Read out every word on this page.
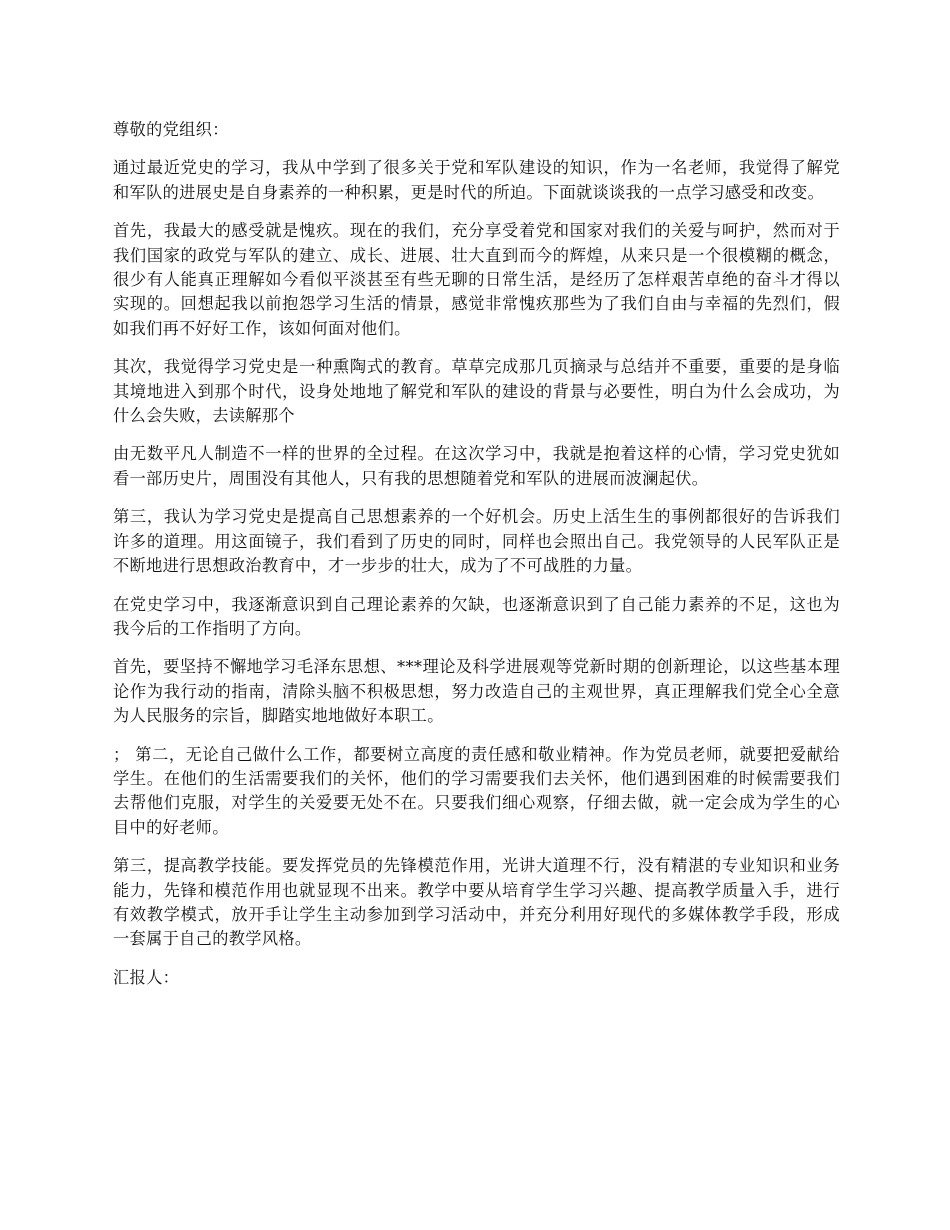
尊敬的党组织：

通过最近党史的学习，我从中学到了很多关于党和军队建设的知识，作为一名老师，我觉得了解党和军队的进展史是自身素养的一种积累，更是时代的所迫。下面就谈谈我的一点学习感受和改变。

首先，我最大的感受就是愧疚。现在的我们，充分享受着党和国家对我们的关爱与呵护，然而对于我们国家的政党与军队的建立、成长、进展、壮大直到而今的辉煌，从来只是一个很模糊的概念，很少有人能真正理解如今看似平淡甚至有些无聊的日常生活，是经历了怎样艰苦卓绝的奋斗才得以实现的。回想起我以前抱怨学习生活的情景，感觉非常愧疚那些为了我们自由与幸福的先烈们，假如我们再不好好工作，该如何面对他们。

其次，我觉得学习党史是一种熏陶式的教育。草草完成那几页摘录与总结并不重要，重要的是身临其境地进入到那个时代，设身处地地了解党和军队的建设的背景与必要性，明白为什么会成功，为什么会失败，去读解那个

由无数平凡人制造不一样的世界的全过程。在这次学习中，我就是抱着这样的心情，学习党史犹如看一部历史片，周围没有其他人，只有我的思想随着党和军队的进展而波澜起伏。

第三，我认为学习党史是提高自己思想素养的一个好机会。历史上活生生的事例都很好的告诉我们许多的道理。用这面镜子，我们看到了历史的同时，同样也会照出自己。我党领导的人民军队正是不断地进行思想政治教育中，才一步步的壮大，成为了不可战胜的力量。

在党史学习中，我逐渐意识到自己理论素养的欠缺，也逐渐意识到了自己能力素养的不足，这也为我今后的工作指明了方向。

首先，要坚持不懈地学习毛泽东思想、***理论及科学进展观等党新时期的创新理论，以这些基本理论作为我行动的指南，清除头脑不积极思想，努力改造自己的主观世界，真正理解我们党全心全意为人民服务的宗旨，脚踏实地地做好本职工。

； 第二，无论自己做什么工作，都要树立高度的责任感和敬业精神。作为党员老师，就要把爱献给学生。在他们的生活需要我们的关怀，他们的学习需要我们去关怀，他们遇到困难的时候需要我们去帮他们克服，对学生的关爱要无处不在。只要我们细心观察，仔细去做，就一定会成为学生的心目中的好老师。

第三，提高教学技能。要发挥党员的先锋模范作用，光讲大道理不行，没有精湛的专业知识和业务能力，先锋和模范作用也就显现不出来。教学中要从培育学生学习兴趣、提高教学质量入手，进行有效教学模式，放开手让学生主动参加到学习活动中，并充分利用好现代的多媒体教学手段，形成一套属于自己的教学风格。

汇报人：
